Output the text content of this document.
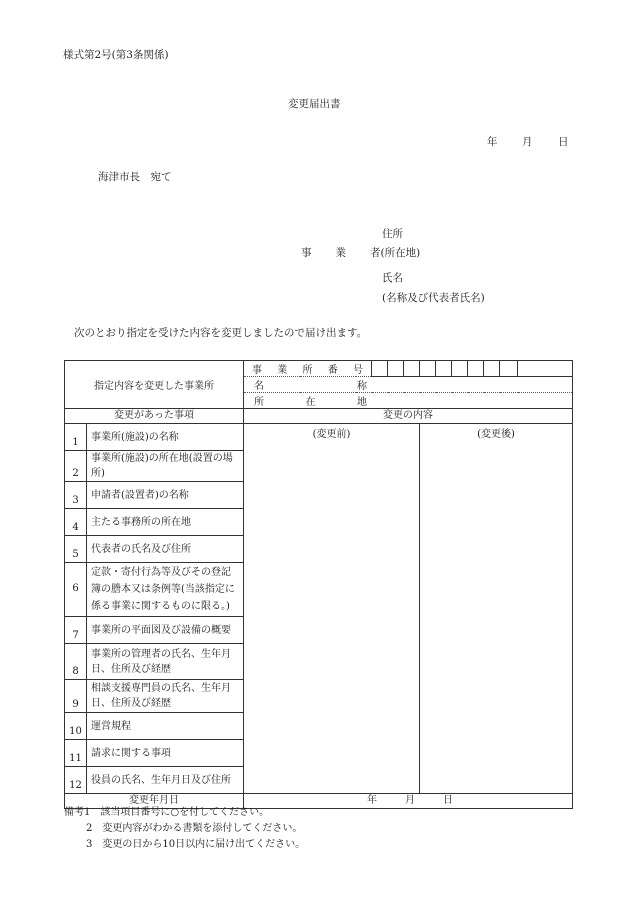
様式第2号(第3条関係)
変更届出書
年 月 日
海津市長　宛て
住所
事 業 者(所在地)
氏名
(名称及び代表者氏名)
次のとおり指定を受けた内容を変更しましたので届け出ます。
指定内容を変更した事業所		事 業 所 番 号										

		名 称										

		所 在 地										

変更があった事項		変更の内容										
1	事業所(施設)の名称	(変更前)				(変更後)						
2	事業所(施設)の所在地(設置の場所)											
3	申請者(設置者)の名称											
4	主たる事務所の所在地											
5	代表者の氏名及び住所											
6	定款・寄付行為等及びその登記簿の謄本又は条例等(当該指定に係る事業に関するものに限る。)											
7	事業所の平面図及び設備の概要											
8	事業所の管理者の氏名、生年月日、住所及び経歴											
9	相談支援専門員の氏名、生年月日、住所及び経歴											
10	運営規程											
11	請求に関する事項											
12	役員の氏名、生年月日及び住所											
変更年月日		年 月 日										
備考1　該当項目番号に○を付してください。
2　変更内容がわかる書類を添付してください。
3　変更の日から10日以内に届け出てください。
